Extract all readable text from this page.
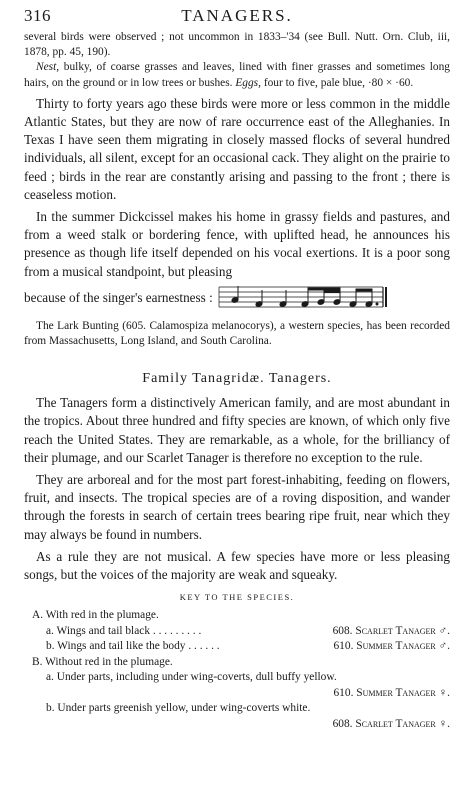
316	TANAGERS.

several birds were observed ; not uncommon in 1833–'34 (see Bull. Nutt. Orn. Club, iii, 1878, pp. 45, 190).

Nest, bulky, of coarse grasses and leaves, lined with finer grasses and sometimes long hairs, on the ground or in low trees or bushes. Eggs, four to five, pale blue, ·80 × ·60.

Thirty to forty years ago these birds were more or less common in the middle Atlantic States, but they are now of rare occurrence east of the Alleghanies. In Texas I have seen them migrating in closely massed flocks of several hundred individuals, all silent, except for an occasional cack. They alight on the prairie to feed ; birds in the rear are constantly arising and passing to the front ; there is ceaseless motion.

In the summer Dickcissel makes his home in grassy fields and pastures, and from a weed stalk or bordering fence, with uplifted head, he announces his presence as though life itself depended on his vocal exertions. It is a poor song from a musical standpoint, but pleasing

because of the singer's earnestness :

The Lark Bunting (605. Calamospiza melanocorys), a western species, has been recorded from Massachusetts, Long Island, and South Carolina.

Family Tanagridæ. Tanagers.

The Tanagers form a distinctively American family, and are most abundant in the tropics. About three hundred and fifty species are known, of which only five reach the United States. They are remarkable, as a whole, for the brilliancy of their plumage, and our Scarlet Tanager is therefore no exception to the rule.

They are arboreal and for the most part forest-inhabiting, feeding on flowers, fruit, and insects. The tropical species are of a roving disposition, and wander through the forests in search of certain trees bearing ripe fruit, near which they may always be found in numbers.

As a rule they are not musical. A few species have more or less pleasing songs, but the voices of the majority are weak and squeaky.

KEY TO THE SPECIES.
A. With red in the plumage.
a. Wings and tail black . . . . . . . . .	608. Scarlet Tanager ♂.
b. Wings and tail like the body . . . . . .	610. Summer Tanager ♂.
B. Without red in the plumage.
a. Under parts, including under wing-coverts, dull buffy yellow.
610. Summer Tanager ♀.
b. Under parts greenish yellow, under wing-coverts white.
608. Scarlet Tanager ♀.
